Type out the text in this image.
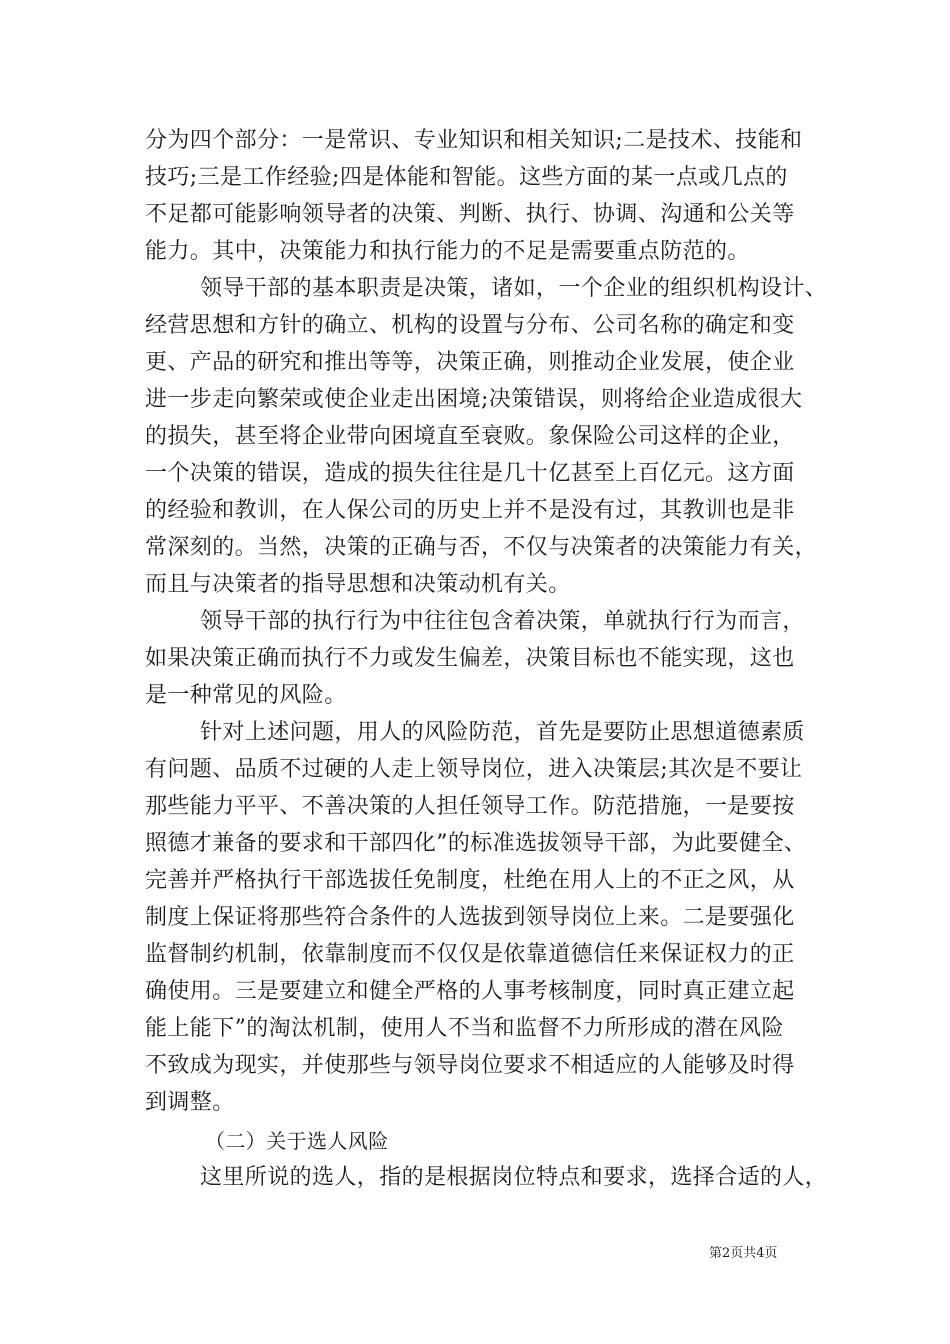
分为四个部分：一是常识、专业知识和相关知识;二是技术、技能和
技巧;三是工作经验;四是体能和智能。这些方面的某一点或几点的
不足都可能影响领导者的决策、判断、执行、协调、沟通和公关等
能力。其中，决策能力和执行能力的不足是需要重点防范的。
领导干部的基本职责是决策，诸如，一个企业的组织机构设计、
经营思想和方针的确立、机构的设置与分布、公司名称的确定和变
更、产品的研究和推出等等，决策正确，则推动企业发展，使企业
进一步走向繁荣或使企业走出困境;决策错误，则将给企业造成很大
的损失，甚至将企业带向困境直至衰败。象保险公司这样的企业，
一个决策的错误，造成的损失往往是几十亿甚至上百亿元。这方面
的经验和教训，在人保公司的历史上并不是没有过，其教训也是非
常深刻的。当然，决策的正确与否，不仅与决策者的决策能力有关，
而且与决策者的指导思想和决策动机有关。
领导干部的执行行为中往往包含着决策，单就执行行为而言，
如果决策正确而执行不力或发生偏差，决策目标也不能实现，这也
是一种常见的风险。
针对上述问题，用人的风险防范，首先是要防止思想道德素质
有问题、品质不过硬的人走上领导岗位，进入决策层;其次是不要让
那些能力平平、不善决策的人担任领导工作。防范措施，一是要按
照德才兼备的要求和干部四化”的标准选拔领导干部，为此要健全、
完善并严格执行干部选拔任免制度，杜绝在用人上的不正之风，从
制度上保证将那些符合条件的人选拔到领导岗位上来。二是要强化
监督制约机制，依靠制度而不仅仅是依靠道德信任来保证权力的正
确使用。三是要建立和健全严格的人事考核制度，同时真正建立起
能上能下”的淘汰机制，使用人不当和监督不力所形成的潜在风险
不致成为现实，并使那些与领导岗位要求不相适应的人能够及时得
到调整。
（二）关于选人风险
这里所说的选人，指的是根据岗位特点和要求，选择合适的人，
第2页共4页
